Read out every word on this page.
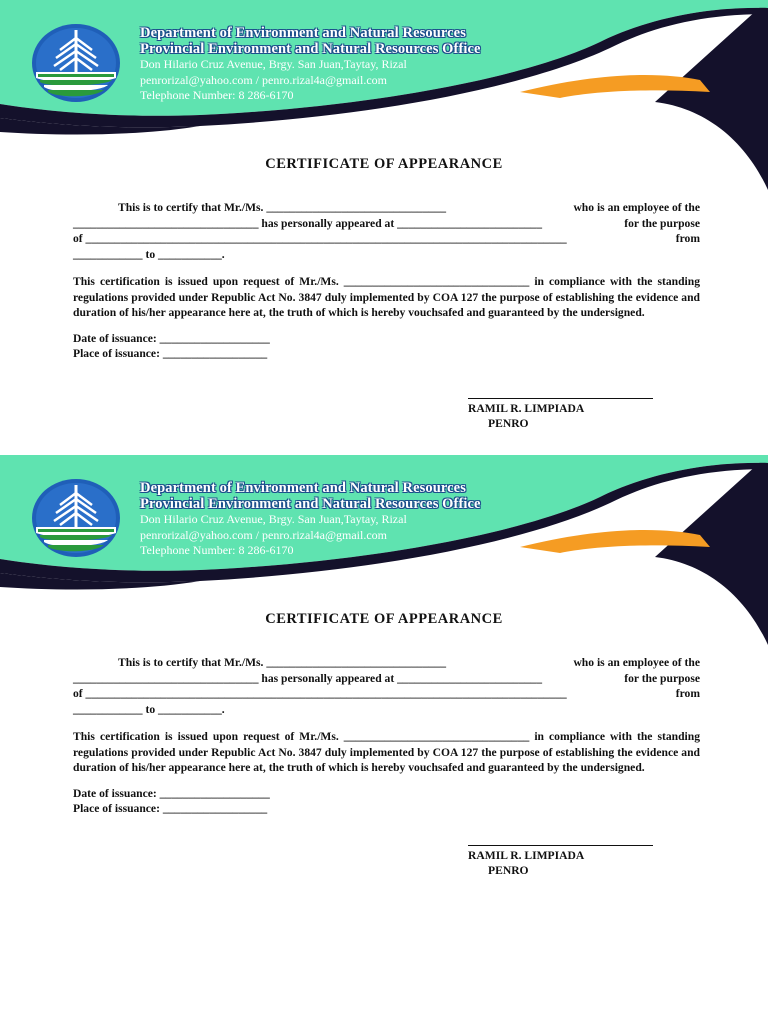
Department of Environment and Natural Resources
Provincial Environment and Natural Resources Office
Don Hilario Cruz Avenue, Brgy. San Juan,Taytay, Rizal
penrorizal@yahoo.com / penro.rizal4a@gmail.com
Telephone Number: 8 286-6170
CERTIFICATE OF APPEARANCE
This is to certify that Mr./Ms. _______________________________	who is an employee of the
________________________________ has personally appeared at _________________________	for the purpose
of ___________________________________________________________________________________	from
____________ to ___________.
This certification is issued upon request of Mr./Ms. ________________________________ in compliance with the standing regulations provided under Republic Act No. 3847 duly implemented by COA 127 the purpose of establishing the evidence and duration of his/her appearance here at, the truth of which is hereby vouchsafed and guaranteed by the undersigned.
Date of issuance: ___________________
Place of issuance: __________________
RAMIL R. LIMPIADA
PENRO
Department of Environment and Natural Resources
Provincial Environment and Natural Resources Office
Don Hilario Cruz Avenue, Brgy. San Juan,Taytay, Rizal
penrorizal@yahoo.com / penro.rizal4a@gmail.com
Telephone Number: 8 286-6170
CERTIFICATE OF APPEARANCE
This is to certify that Mr./Ms. _______________________________	who is an employee of the
________________________________ has personally appeared at _________________________	for the purpose
of ___________________________________________________________________________________	from
____________ to ___________.
This certification is issued upon request of Mr./Ms. ________________________________ in compliance with the standing regulations provided under Republic Act No. 3847 duly implemented by COA 127 the purpose of establishing the evidence and duration of his/her appearance here at, the truth of which is hereby vouchsafed and guaranteed by the undersigned.
Date of issuance: ___________________
Place of issuance: __________________
RAMIL R. LIMPIADA
PENRO
